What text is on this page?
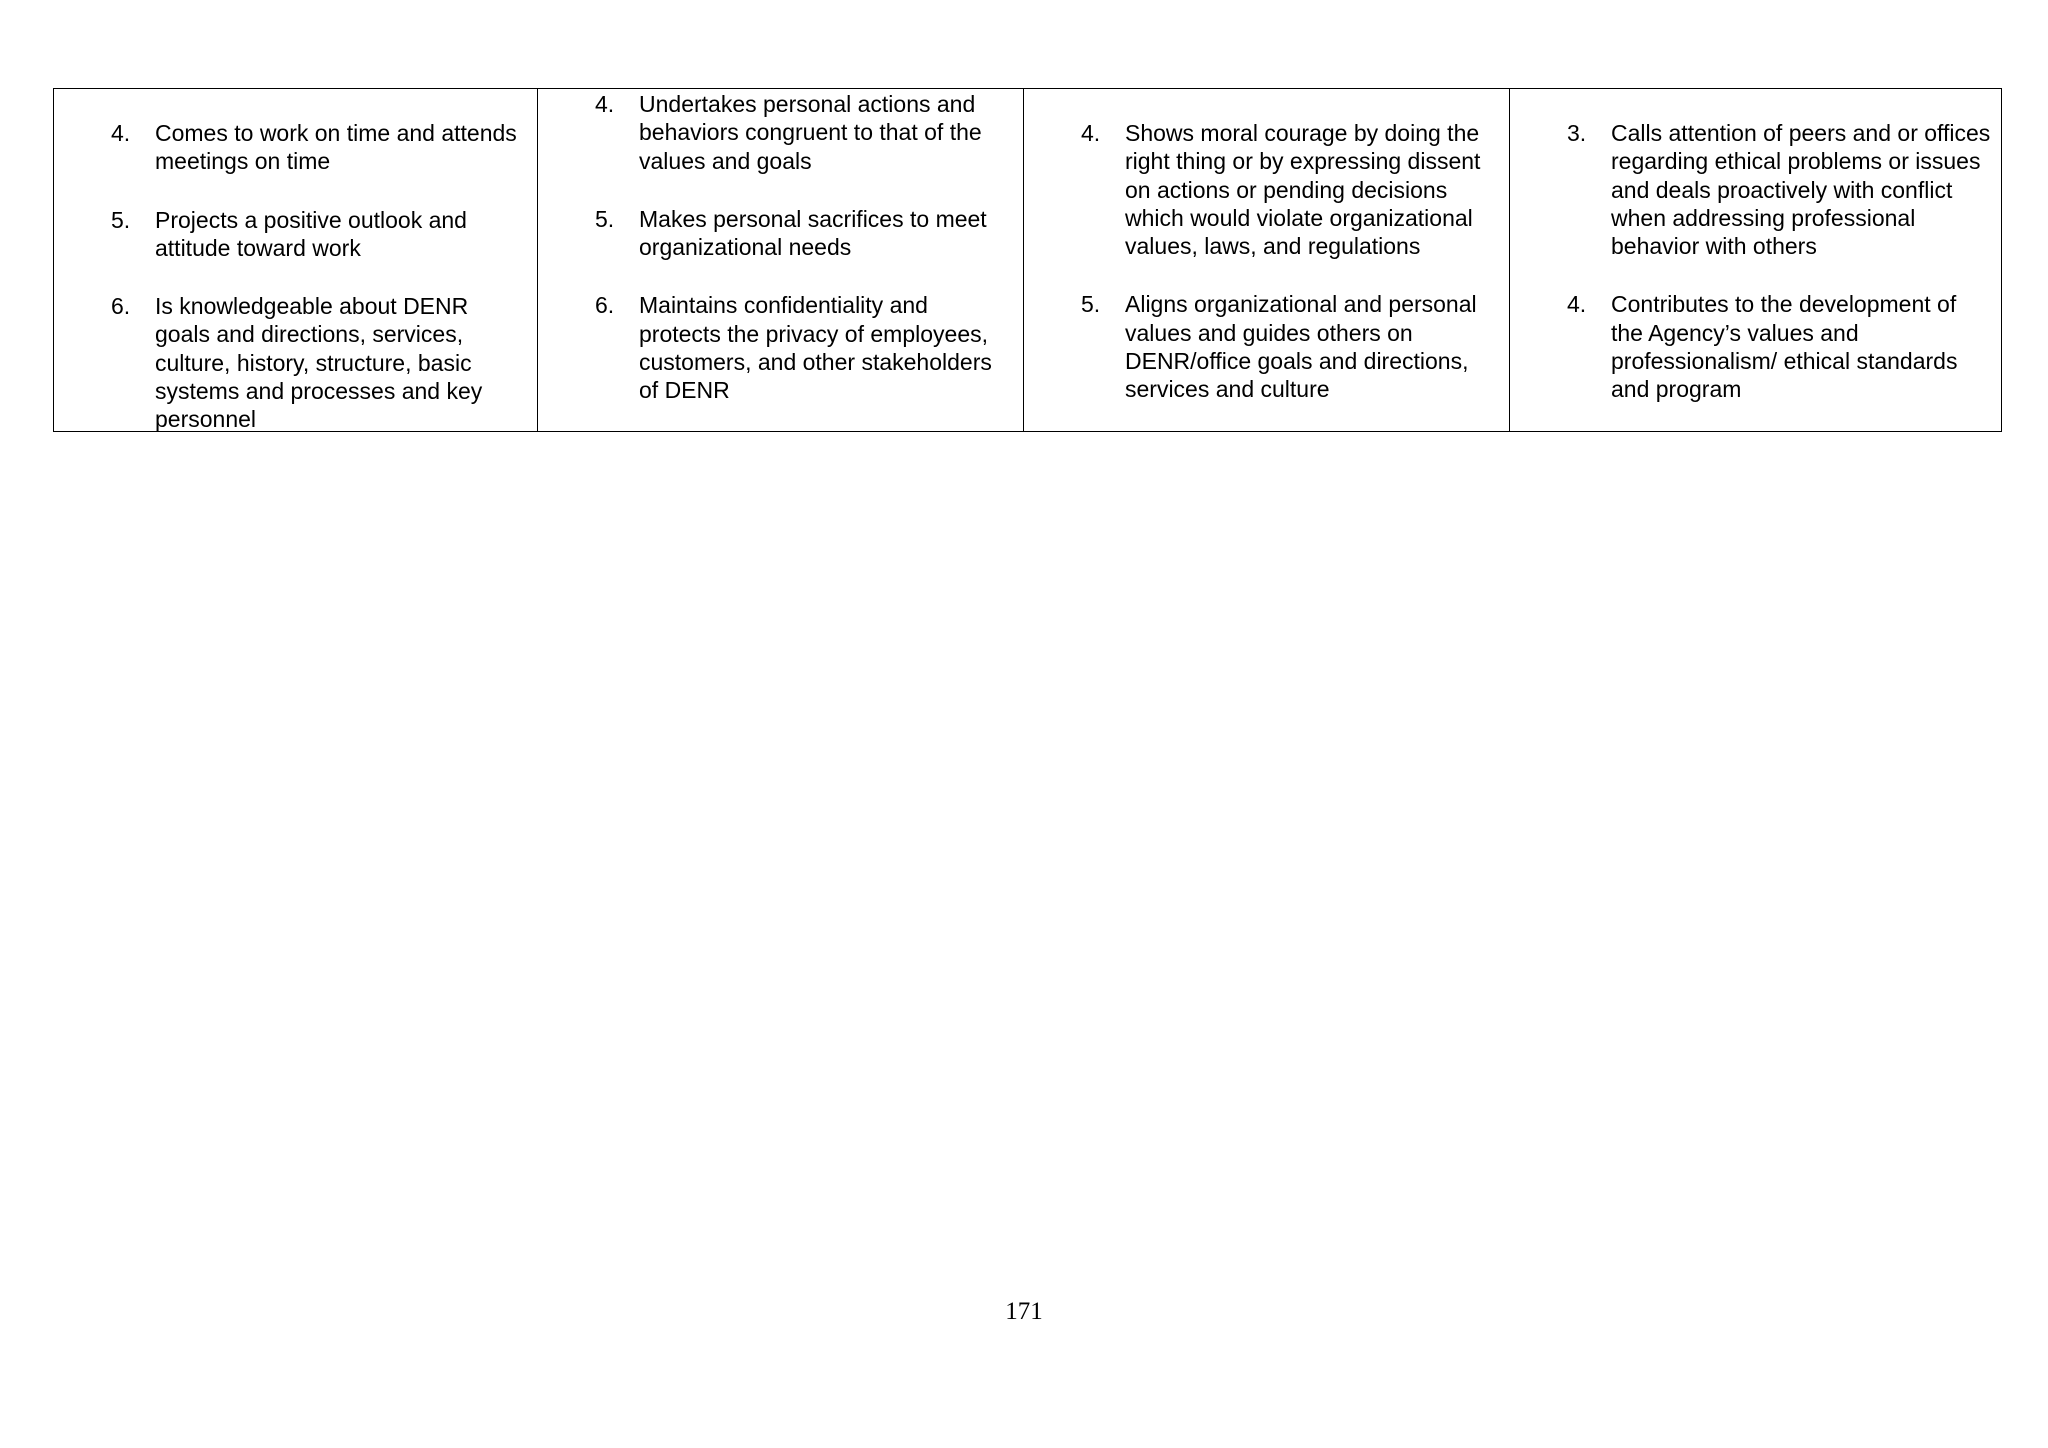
4. Comes to work on time and attends meetings on time
5. Projects a positive outlook and attitude toward work
6. Is knowledgeable about DENR goals and directions, services, culture, history, structure, basic systems and processes and key personnel

4. Undertakes personal actions and behaviors congruent to that of the values and goals
5. Makes personal sacrifices to meet organizational needs
6. Maintains confidentiality and protects the privacy of employees, customers, and other stakeholders of DENR

4. Shows moral courage by doing the right thing or by expressing dissent on actions or pending decisions which would violate organizational values, laws, and regulations
5. Aligns organizational and personal values and guides others on DENR/office goals and directions, services and culture

3. Calls attention of peers and or offices regarding ethical problems or issues and deals proactively with conflict when addressing professional behavior with others
4. Contributes to the development of the Agency’s values and professionalism/ ethical standards and program
171
